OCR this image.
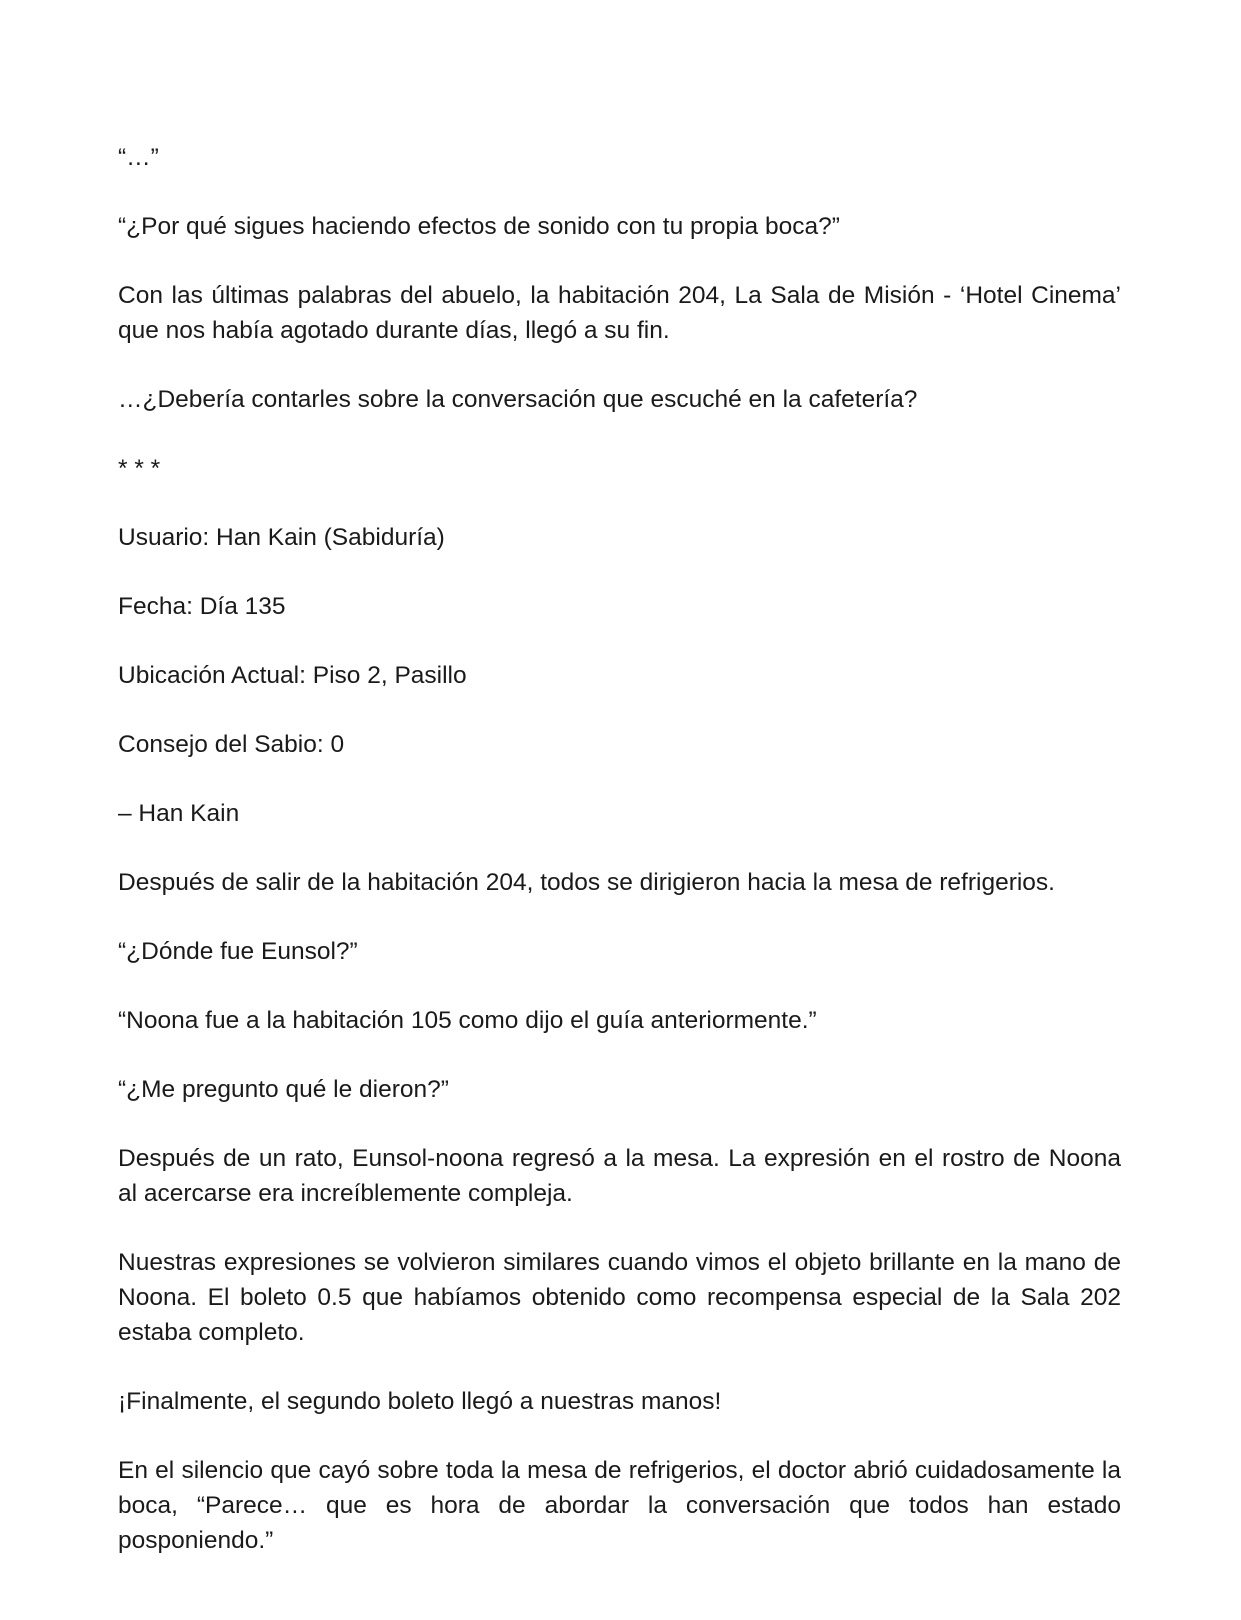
“…”

“¿Por qué sigues haciendo efectos de sonido con tu propia boca?”

Con las últimas palabras del abuelo, la habitación 204, La Sala de Misión - ‘Hotel Cinema’ que nos había agotado durante días, llegó a su fin.

…¿Debería contarles sobre la conversación que escuché en la cafetería?

* * *

Usuario: Han Kain (Sabiduría)

Fecha: Día 135

Ubicación Actual: Piso 2, Pasillo

Consejo del Sabio: 0

– Han Kain

Después de salir de la habitación 204, todos se dirigieron hacia la mesa de refrigerios.

“¿Dónde fue Eunsol?”

“Noona fue a la habitación 105 como dijo el guía anteriormente.”

“¿Me pregunto qué le dieron?”

Después de un rato, Eunsol-noona regresó a la mesa. La expresión en el rostro de Noona al acercarse era increíblemente compleja.

Nuestras expresiones se volvieron similares cuando vimos el objeto brillante en la mano de Noona. El boleto 0.5 que habíamos obtenido como recompensa especial de la Sala 202 estaba completo.

¡Finalmente, el segundo boleto llegó a nuestras manos!

En el silencio que cayó sobre toda la mesa de refrigerios, el doctor abrió cuidadosamente la boca, “Parece… que es hora de abordar la conversación que todos han estado posponiendo.”
